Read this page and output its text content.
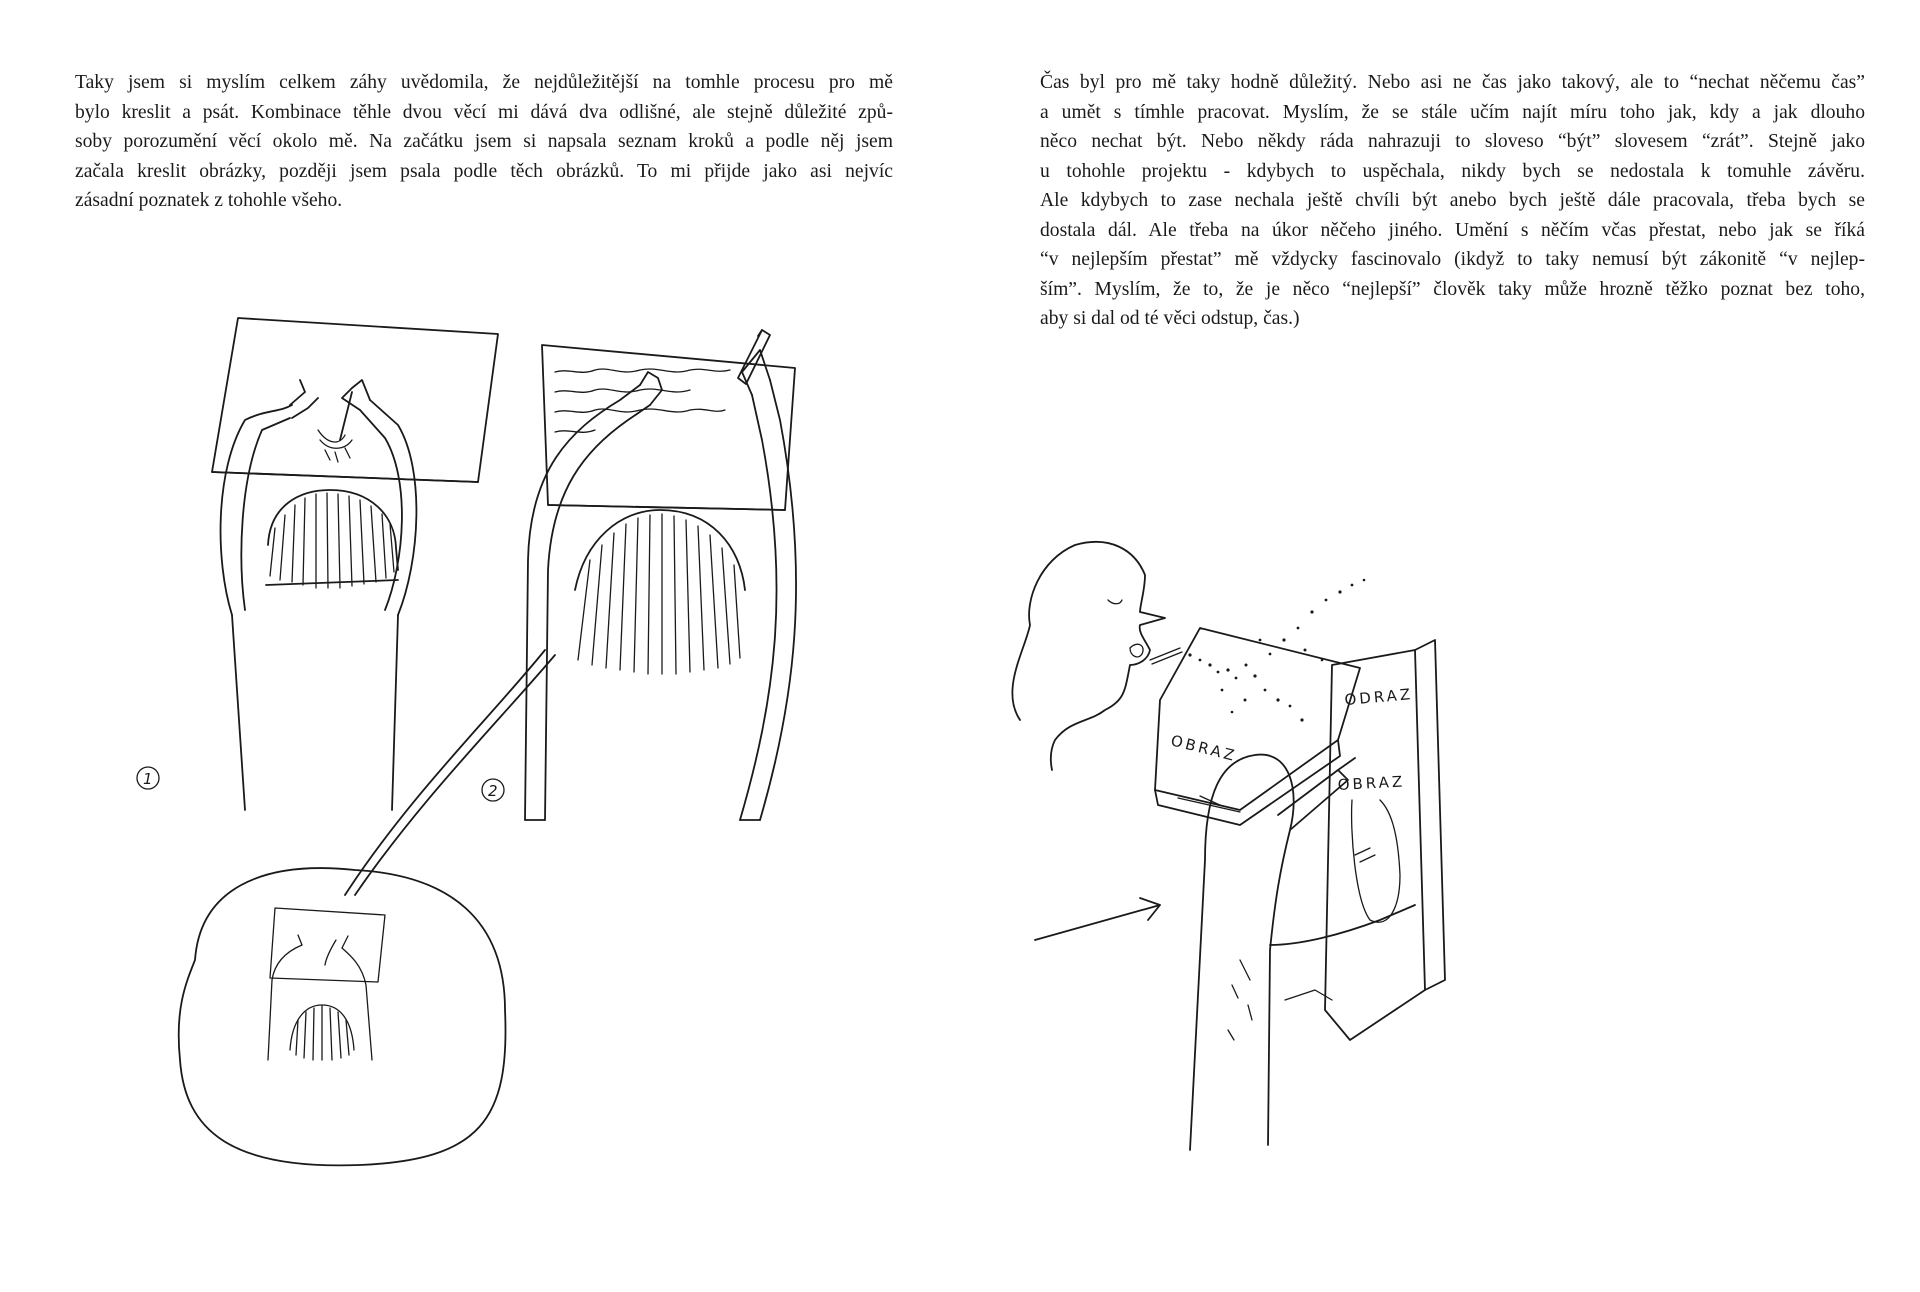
Taky jsem si myslím celkem záhy uvědomila, že nejdůležitější na tomhle procesu pro mě
bylo kreslit a psát. Kombinace těhle dvou věcí mi dává dva odlišné, ale stejně důležité způ-
soby porozumění věcí okolo mě. Na začátku jsem si napsala seznam kroků a podle něj jsem
začala kreslit obrázky, později jsem psala podle těch obrázků. To mi přijde jako asi nejvíc
zásadní poznatek z tohohle všeho.

1
2

Čas byl pro mě taky hodně důležitý. Nebo asi ne čas jako takový, ale to “nechat něčemu čas”
a umět s tímhle pracovat. Myslím, že se stále učím najít míru toho jak, kdy a jak dlouho
něco nechat být. Nebo někdy ráda nahrazuji to sloveso “být” slovesem “zrát”. Stejně jako
u tohohle projektu - kdybych to uspěchala, nikdy bych se nedostala k tomuhle závěru.
Ale kdybych to zase nechala ještě chvíli být anebo bych ještě dále pracovala, třeba bych se
dostala dál. Ale třeba na úkor něčeho jiného. Umění s něčím včas přestat, nebo jak se říká
“v nejlepším přestat” mě vždycky fascinovalo (ikdyž to taky nemusí být zákonitě “v nejlep-
ším”. Myslím, že to, že je něco “nejlepší” člověk taky může hrozně těžko poznat bez toho,
aby si dal od té věci odstup, čas.)

OBRAZ
ODRAZ
OBRAZ
